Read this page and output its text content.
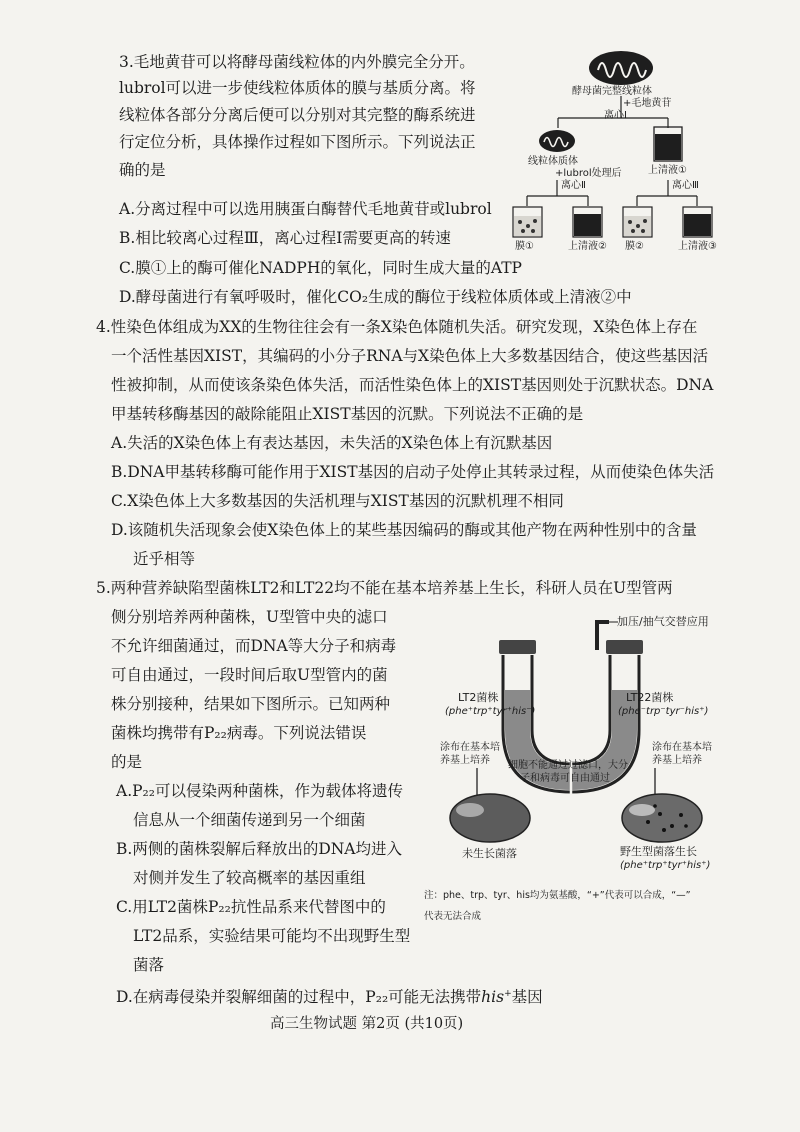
3.毛地黄苷可以将酵母菌线粒体的内外膜完全分开。
lubrol可以进一步使线粒体质体的膜与基质分离。将
线粒体各部分分离后便可以分别对其完整的酶系统进
行定位分析，具体操作过程如下图所示。下列说法正
确的是
A.分离过程中可以选用胰蛋白酶替代毛地黄苷或lubrol
B.相比较离心过程Ⅲ，离心过程Ⅰ需要更高的转速
C.膜①上的酶可催化NADPH的氧化，同时生成大量的ATP
D.酵母菌进行有氧呼吸时，催化CO₂生成的酶位于线粒体质体或上清液②中
酵母菌完整线粒体
+毛地黄苷
离心Ⅰ
线粒体质体
+lubrol处理后
离心Ⅱ
上清液①
离心Ⅲ
膜①	上清液② 膜②	上清液③
4.性染色体组成为XX的生物往往会有一条X染色体随机失活。研究发现，X染色体上存在
一个活性基因XIST，其编码的小分子RNA与X染色体上大多数基因结合，使这些基因活
性被抑制，从而使该条染色体失活，而活性染色体上的XIST基因则处于沉默状态。DNA
甲基转移酶基因的敲除能阻止XIST基因的沉默。下列说法不正确的是
A.失活的X染色体上有表达基因，未失活的X染色体上有沉默基因
B.DNA甲基转移酶可能作用于XIST基因的启动子处停止其转录过程，从而使染色体失活
C.X染色体上大多数基因的失活机理与XIST基因的沉默机理不相同
D.该随机失活现象会使X染色体上的某些基因编码的酶或其他产物在两种性别中的含量
近乎相等
5.两种营养缺陷型菌株LT2和LT22均不能在基本培养基上生长，科研人员在U型管两
侧分别培养两种菌株，U型管中央的滤口
不允许细菌通过，而DNA等大分子和病毒
可自由通过，一段时间后取U型管内的菌
株分别接种，结果如下图所示。已知两种
菌株均携带有P₂₂病毒。下列说法错误
的是
A.P₂₂可以侵染两种菌株，作为载体将遗传
信息从一个细菌传递到另一个细菌
B.两侧的菌株裂解后释放出的DNA均进入
对侧并发生了较高概率的基因重组
C.用LT2菌株P₂₂抗性品系来代替图中的
LT2品系，实验结果可能均不出现野生型
菌落
D.在病毒侵染并裂解细菌的过程中，P₂₂可能无法携带his+基因
加压/抽气交替应用
LT2菌株
(phe⁺trp⁺tyr⁺his⁻)
LT22菌株
(phe⁻trp⁻tyr⁻his⁺)
涂布在基本培
养基上培养
涂布在基本培
养基上培养
细胞不能通过过滤口，大分
子和病毒可自由通过
未生长菌落	野生型菌落生长
(phe⁺trp⁺tyr⁺his⁺)
注：phe、trp、tyr、his均为氨基酸，“+”代表可以合成，“—”
代表无法合成
高三生物试题 第2页 (共10页)
